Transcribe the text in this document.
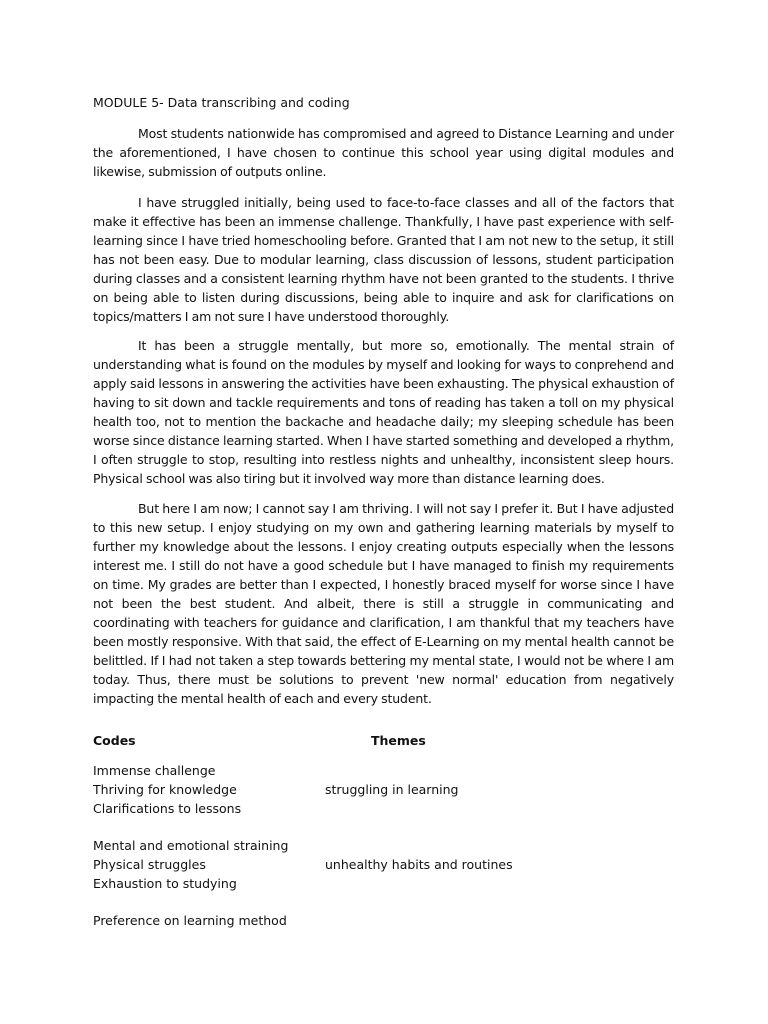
MODULE 5- Data transcribing and coding

Most students nationwide has compromised and agreed to Distance Learning and under the aforementioned, I have chosen to continue this school year using digital modules and likewise, submission of outputs online.

I have struggled initially, being used to face-to-face classes and all of the factors that make it effective has been an immense challenge. Thankfully, I have past experience with self-learning since I have tried homeschooling before. Granted that I am not new to the setup, it still has not been easy. Due to modular learning, class discussion of lessons, student participation during classes and a consistent learning rhythm have not been granted to the students. I thrive on being able to listen during discussions, being able to inquire and ask for clarifications on topics/matters I am not sure I have understood thoroughly.

It has been a struggle mentally, but more so, emotionally. The mental strain of understanding what is found on the modules by myself and looking for ways to conprehend and apply said lessons in answering the activities have been exhausting. The physical exhaustion of having to sit down and tackle requirements and tons of reading has taken a toll on my physical health too, not to mention the backache and headache daily; my sleeping schedule has been worse since distance learning started. When I have started something and developed a rhythm, I often struggle to stop, resulting into restless nights and unhealthy, inconsistent sleep hours. Physical school was also tiring but it involved way more than distance learning does.

But here I am now; I cannot say I am thriving. I will not say I prefer it. But I have adjusted to this new setup. I enjoy studying on my own and gathering learning materials by myself to further my knowledge about the lessons. I enjoy creating outputs especially when the lessons interest me. I still do not have a good schedule but I have managed to finish my requirements on time. My grades are better than I expected, I honestly braced myself for worse since I have not been the best student. And albeit, there is still a struggle in communicating and coordinating with teachers for guidance and clarification, I am thankful that my teachers have been mostly responsive. With that said, the effect of E-Learning on my mental health cannot be belittled. If I had not taken a step towards bettering my mental state, I would not be where I am today. Thus, there must be solutions to prevent 'new normal' education from negatively impacting the mental health of each and every student.

Codes	Themes
Immense challenge
Thriving for knowledge
Clarifications to lessons
struggling in learning
Mental and emotional straining
Physical struggles
Exhaustion to studying
unhealthy habits and routines
Preference on learning method
